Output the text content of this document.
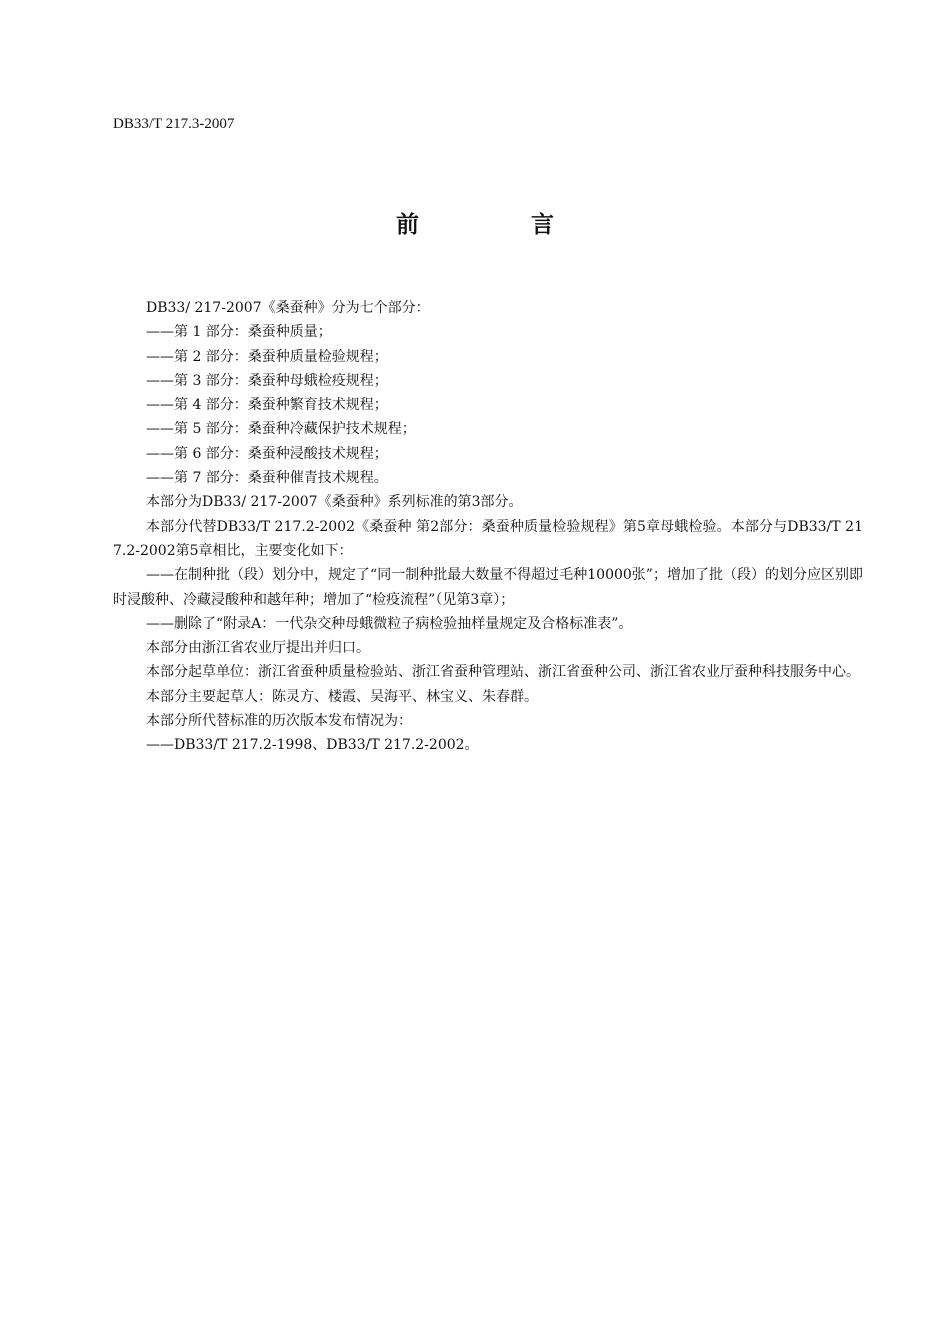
DB33/T 217.3-2007
前 言

DB33/ 217-2007《桑蚕种》分为七个部分：

——第 1 部分：桑蚕种质量；

——第 2 部分：桑蚕种质量检验规程；

——第 3 部分：桑蚕种母蛾检疫规程；

——第 4 部分：桑蚕种繁育技术规程；

——第 5 部分：桑蚕种冷藏保护技术规程；

——第 6 部分：桑蚕种浸酸技术规程；

——第 7 部分：桑蚕种催青技术规程。

本部分为DB33/ 217-2007《桑蚕种》系列标准的第3部分。

本部分代替DB33/T 217.2-2002《桑蚕种 第2部分：桑蚕种质量检验规程》第5章母蛾检验。本部分与DB33/T 217.2-2002第5章相比，主要变化如下：

——在制种批（段）划分中，规定了“同一制种批最大数量不得超过毛种10000张”；增加了批（段）的划分应区别即时浸酸种、冷藏浸酸种和越年种；增加了“检疫流程”（见第3章）；

——删除了“附录A：一代杂交种母蛾微粒子病检验抽样量规定及合格标准表”。

本部分由浙江省农业厅提出并归口。

本部分起草单位：浙江省蚕种质量检验站、浙江省蚕种管理站、浙江省蚕种公司、浙江省农业厅蚕种科技服务中心。

本部分主要起草人：陈灵方、楼霞、吴海平、林宝义、朱春群。

本部分所代替标准的历次版本发布情况为：

——DB33/T 217.2-1998、DB33/T 217.2-2002。
